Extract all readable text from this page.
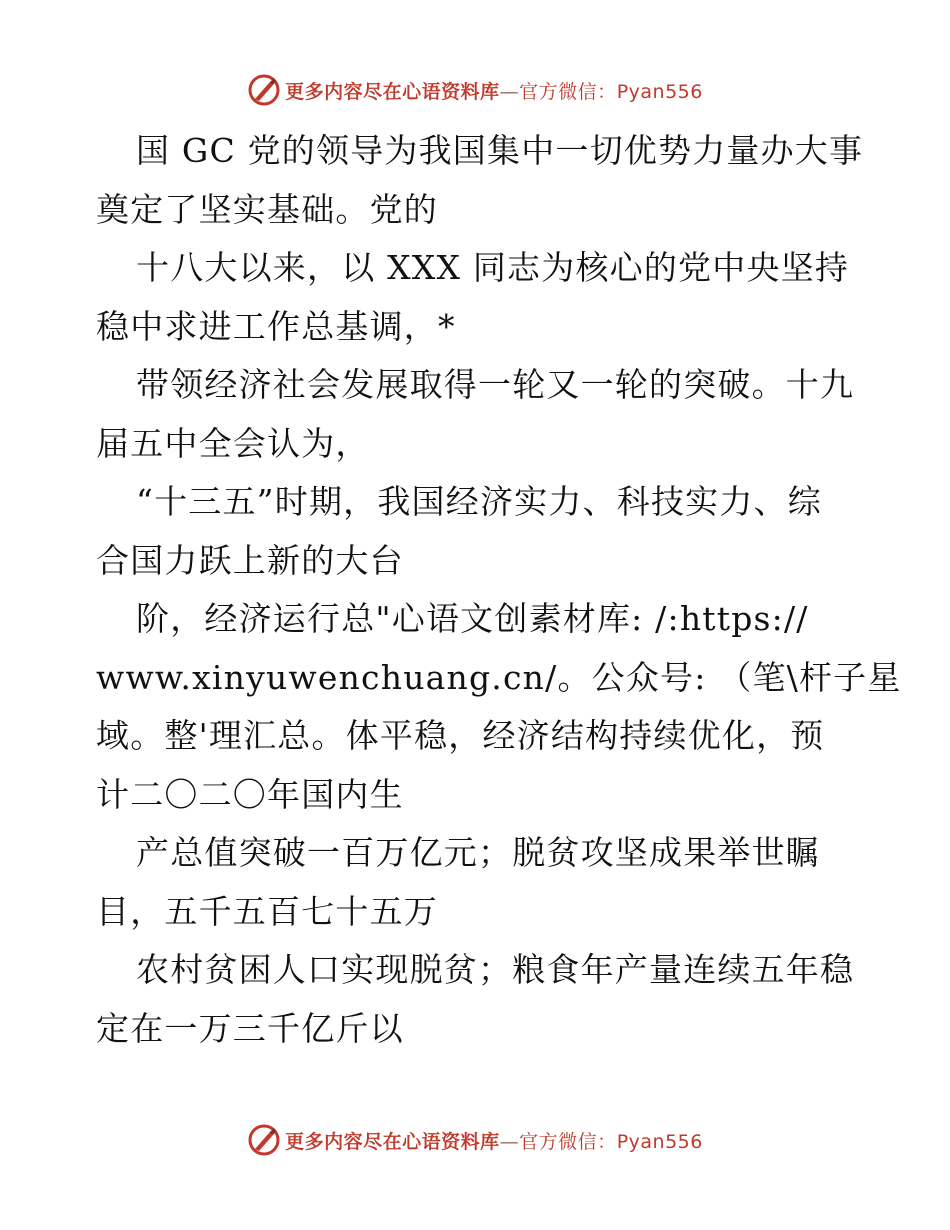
更多内容尽在心语资料库—官方微信：Pyan556
国 GC 党的领导为我国集中一切优势力量办大事
奠定了坚实基础。党的
十八大以来，以 XXX 同志为核心的党中央坚持
稳中求进工作总基调，*
带领经济社会发展取得一轮又一轮的突破。十九
届五中全会认为，
“十三五”时期，我国经济实力、科技实力、综
合国力跃上新的大台
阶，经济运行总"心语文创素材库: /:https://
www.xinyuwenchuang.cn/。公众号: （笔\杆子星
域。整'理汇总。体平稳，经济结构持续优化，预
计二〇二〇年国内生
产总值突破一百万亿元；脱贫攻坚成果举世瞩
目，五千五百七十五万
农村贫困人口实现脱贫；粮食年产量连续五年稳
定在一万三千亿斤以
更多内容尽在心语资料库—官方微信：Pyan556
